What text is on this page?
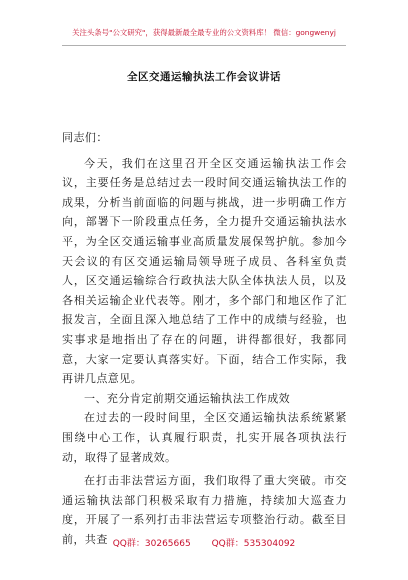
关注头条号"公文研究"，获得最新最全最专业的公文资料库！ 微信：gongwenyj
全区交通运输执法工作会议讲话

同志们：

今天，我们在这里召开全区交通运输执法工作会议，主要任务是总结过去一段时间交通运输执法工作的成果，分析当前面临的问题与挑战，进一步明确工作方向，部署下一阶段重点任务，全力提升交通运输执法水平，为全区交通运输事业高质量发展保驾护航。参加今天会议的有区交通运输局领导班子成员、各科室负责人，区交通运输综合行政执法大队全体执法人员，以及各相关运输企业代表等。刚才，多个部门和地区作了汇报发言，全面且深入地总结了工作中的成绩与经验，也实事求是地指出了存在的问题，讲得都很好，我都同意，大家一定要认真落实好。下面，结合工作实际，我再讲几点意见。

一、充分肯定前期交通运输执法工作成效

在过去的一段时间里，全区交通运输执法系统紧紧围绕中心工作，认真履行职责，扎实开展各项执法行动，取得了显著成效。

在打击非法营运方面，我们取得了重大突破。市交通运输执法部门积极采取有力措施，持续加大巡查力度，开展了一系列打击非法营运专项整治行动。截至目前，共查 QQ群：30265665 QQ群：535304092
